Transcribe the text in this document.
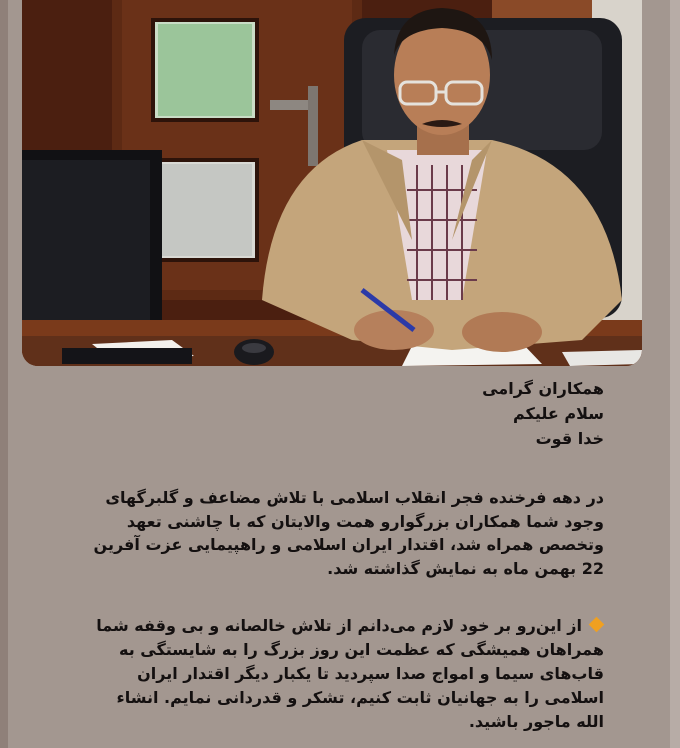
همکاران گرامی
سلام علیکم
خدا قوت
در دهه فرخنده فجر انقلاب اسلامی با تلاش مضاعف و گلبرگهای
وجود شما همکاران بزرگوارو همت والایتان که با چاشنی تعهد
وتخصص همراه شد، اقتدار ایران اسلامی و راهپیمایی عزت آفرین
22 بهمن ماه به نمایش گذاشته شد.
از این‌رو بر خود لازم می‌دانم از تلاش خالصانه و بی وقفه شما
همراهان همیشگی که عظمت این روز بزرگ را به شایستگی به
قاب‌های سیما و امواج صدا سپردید تا یکبار دیگر اقتدار ایران
اسلامی را به جهانیان ثابت کنیم، تشکر و قدردانی نمایم. انشاء
الله ماجور باشید.
